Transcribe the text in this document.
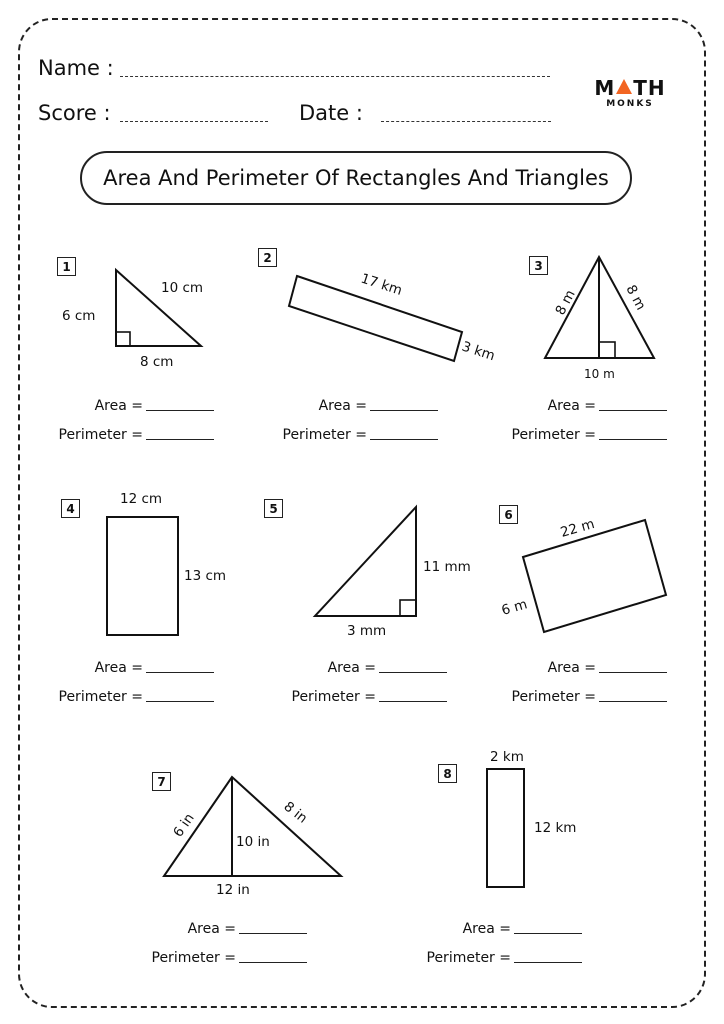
Name :
Score :	Date :
M TH
MONKS
Area And Perimeter Of Rectangles And Triangles
6 cm
10 cm
8 cm
17 km
3 km
8 m	8 m
10 m
12 cm
13 cm
11 mm
3 mm
22 m
6 m
6 in	8 in
10 in
12 in
2 km
12 km
1
2
3
4	5	6
7
8
Area =
Perimeter =
Area =
Perimeter =
Area =
Perimeter =
Area =
Perimeter =
Area =
Perimeter =
Area =
Perimeter =
Area =
Perimeter =
Area =
Perimeter =
